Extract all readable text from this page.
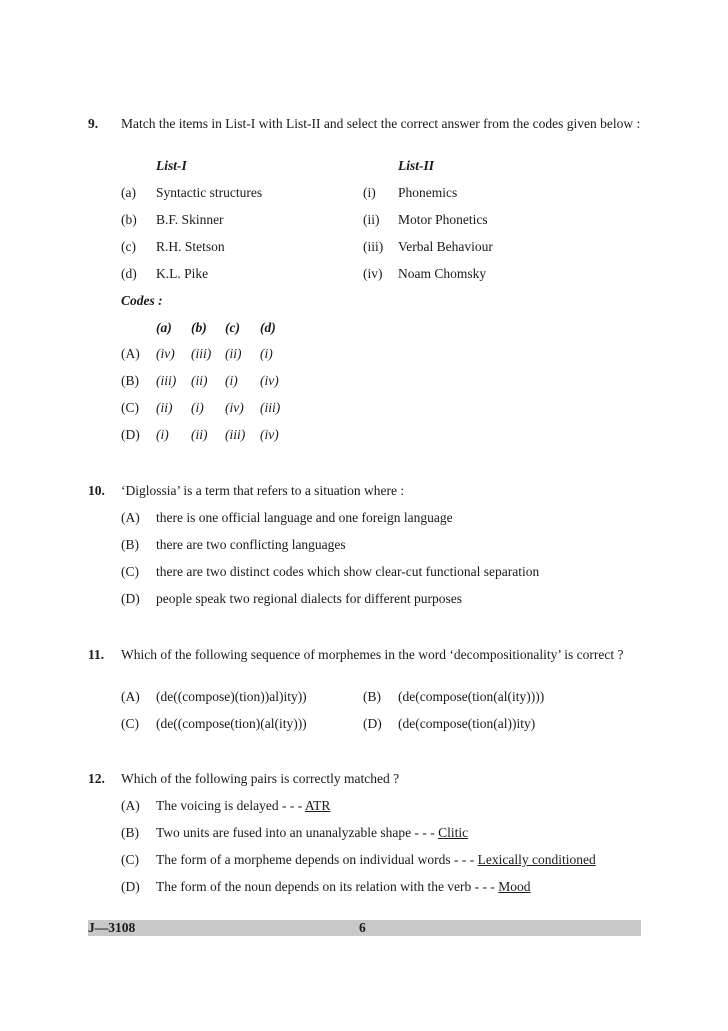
9. Match the items in List-I with List-II and select the correct answer from the codes given below :
List-I	List-II
(a) Syntactic structures	(i) Phonemics
(b) B.F. Skinner	(ii) Motor Phonetics
(c) R.H. Stetson	(iii) Verbal Behaviour
(d) K.L. Pike	(iv) Noam Chomsky
Codes :
(a) (b) (c) (d)
(A) (iv) (iii) (ii) (i)
(B) (iii) (ii) (i) (iv)
(C) (ii) (i) (iv) (iii)
(D) (i) (ii) (iii) (iv)
10. ‘Diglossia’ is a term that refers to a situation where :
(A) there is one official language and one foreign language
(B) there are two conflicting languages
(C) there are two distinct codes which show clear-cut functional separation
(D) people speak two regional dialects for different purposes
11. Which of the following sequence of morphemes in the word ‘decompositionality’ is correct ?
(A) (de((compose)(tion))al)ity))	(B) (de(compose(tion(al(ity))))
(C) (de((compose(tion)(al(ity)))	(D) (de(compose(tion(al))ity)
12. Which of the following pairs is correctly matched ?
(A) The voicing is delayed - - - ATR
(B) Two units are fused into an unanalyzable shape - - - Clitic
(C) The form of a morpheme depends on individual words - - - Lexically conditioned
(D) The form of the noun depends on its relation with the verb - - - Mood
J—3108	6
